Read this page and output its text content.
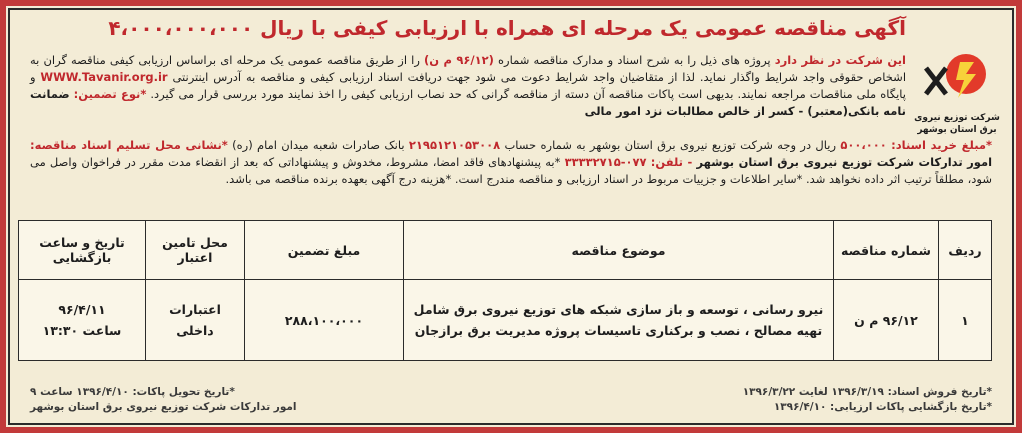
شرکت توزیع نیروی برق استان بوشهر
آگهی مناقصه عمومی یک مرحله ای همراه با ارزیابی کیفی با ریال ۴،۰۰۰،۰۰۰،۰۰۰
این شرکت در نظر دارد پروژه های ذیل را به شرح اسناد و مدارک مناقصه شماره (۹۶/۱۲ م ن) را از طریق مناقصه عمومی یک مرحله ای براساس ارزیابی کیفی مناقصه گران به اشخاص حقوقی واجد شرایط واگذار نماید. لذا از متقاضیان واجد شرایط دعوت می شود جهت دریافت اسناد ارزیابی کیفی و مناقصه به آدرس اینترنتی WWW.Tavanir.org.ir و پایگاه ملی مناقصات مراجعه نمایند. بدیهی است پاکات مناقصه آن دسته از مناقصه گرانی که حد نصاب ارزیابی کیفی را اخذ نمایند مورد بررسی قرار می گیرد. *نوع تضمین: ضمانت نامه بانکی(معتبر) - کسر از خالص مطالبات نزد امور مالی
*مبلغ خرید اسناد: ۵۰۰،۰۰۰ ریال در وجه شرکت توزیع نیروی برق استان بوشهر به شماره حساب ۲۱۹۵۱۲۱۰۵۳۰۰۸ بانک صادرات شعبه میدان امام (ره) *نشانی محل تسلیم اسناد مناقصه: امور تدارکات شرکت توزیع نیروی برق استان بوشهر - تلفن: ۰۷۷-۳۳۳۳۲۷۱۵ *به پیشنهادهای فاقد امضا، مشروط، مخدوش و پیشنهاداتی که بعد از انقضاء مدت مقرر در فراخوان واصل می شود، مطلقاً ترتیب اثر داده نخواهد شد. *سایر اطلاعات و جزییات مربوط در اسناد ارزیابی و مناقصه مندرج است. *هزینه درج آگهی بعهده برنده مناقصه می باشد.
ردیف	شماره مناقصه	موضوع مناقصه	مبلغ تضمین	محل تامین اعتبار	تاریخ و ساعت بازگشایی
۱	۹۶/۱۲ م ن	نیرو رسانی ، توسعه و باز سازی شبکه های توزیع نیروی برق شامل تهیه مصالح ، نصب و برکناری تاسیسات پروژه مدیریت برق برازجان	۲۸۸،۱۰۰،۰۰۰	اعتبارات داخلی	۹۶/۴/۱۱
ساعت ۱۳:۳۰
*تاریخ فروش اسناد: ۱۳۹۶/۳/۱۹ لغایت ۱۳۹۶/۳/۲۲
*تاریخ تحویل پاکات: ۱۳۹۶/۴/۱۰ ساعت ۹
*تاریخ بازگشایی پاکات ارزیابی: ۱۳۹۶/۴/۱۰
امور تدارکات شرکت توزیع نیروی برق استان بوشهر
